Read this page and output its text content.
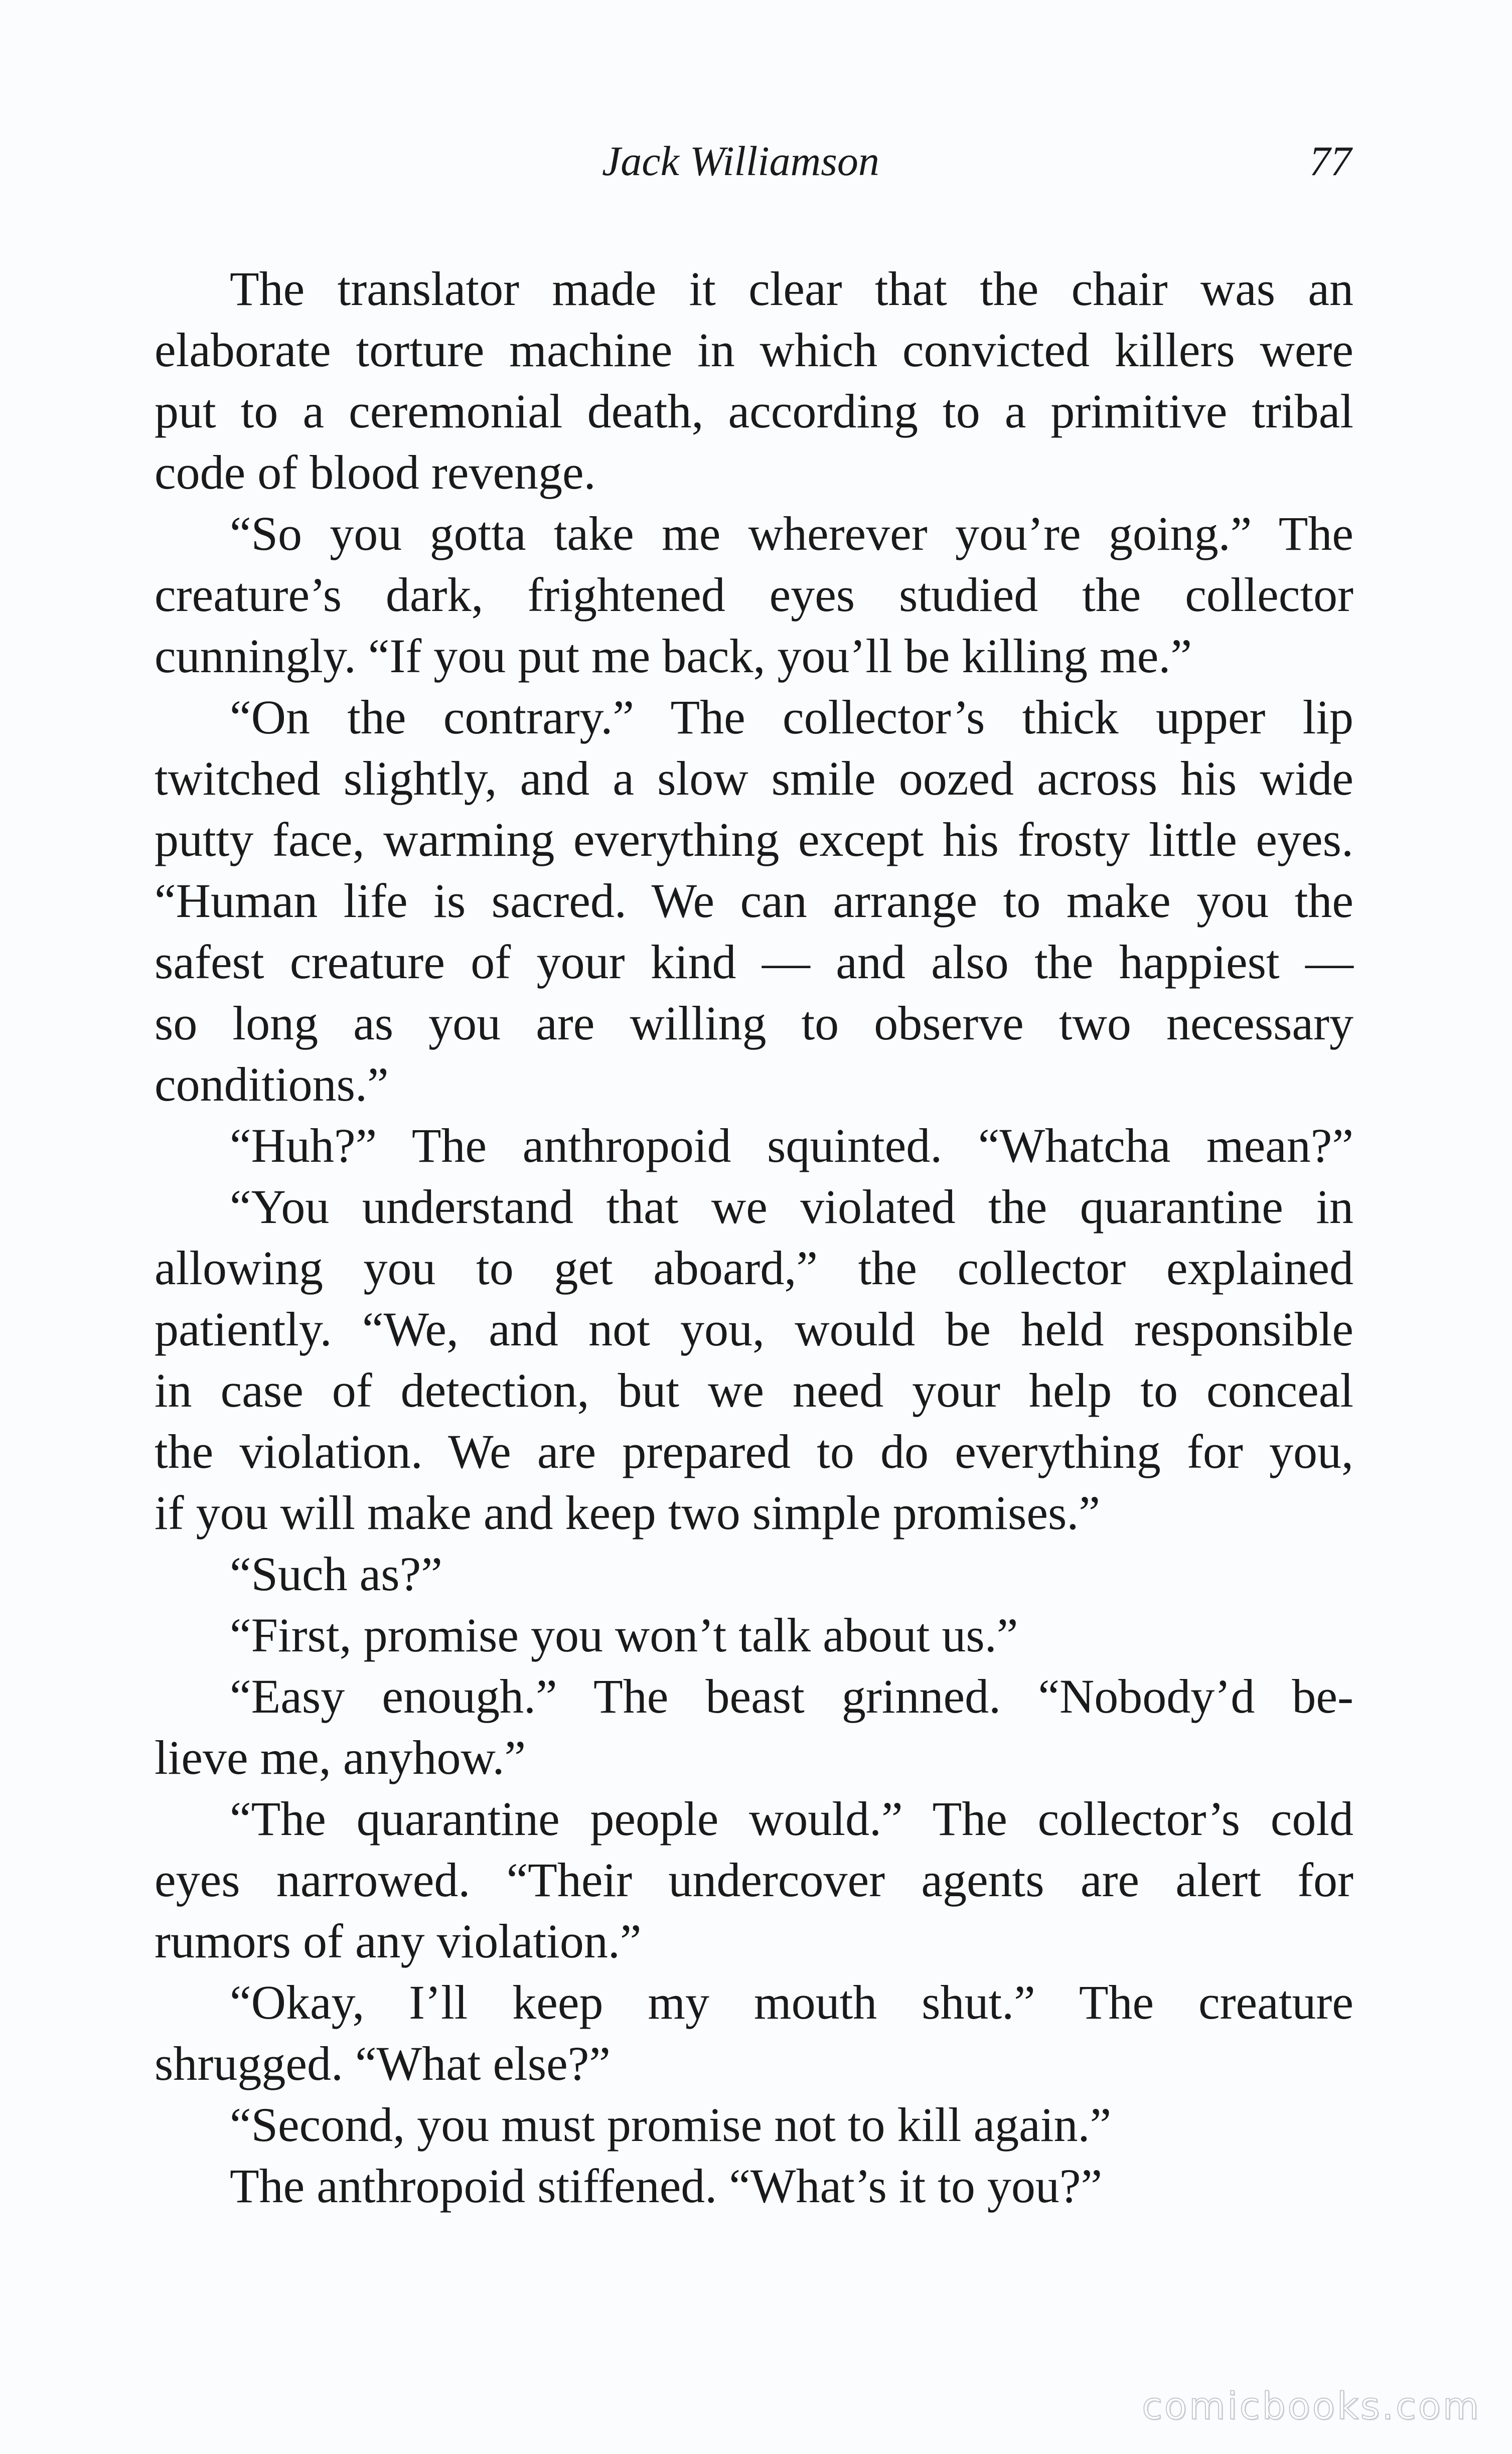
Jack Williamson	77
The translator made it clear that the chair was an
elaborate torture machine in which convicted killers were
put to a ceremonial death, according to a primitive tribal
code of blood revenge.
“So you gotta take me wherever you’re going.” The
creature’s dark, frightened eyes studied the collector
cunningly. “If you put me back, you’ll be killing me.”
“On the contrary.” The collector’s thick upper lip
twitched slightly, and a slow smile oozed across his wide
putty face, warming everything except his frosty little eyes.
“Human life is sacred. We can arrange to make you the
safest creature of your kind — and also the happiest —
so long as you are willing to observe two necessary
conditions.”
“Huh?” The anthropoid squinted. “Whatcha mean?”
“You understand that we violated the quarantine in
allowing you to get aboard,” the collector explained
patiently. “We, and not you, would be held responsible
in case of detection, but we need your help to conceal
the violation. We are prepared to do everything for you,
if you will make and keep two simple promises.”
“Such as?”
“First, promise you won’t talk about us.”
“Easy enough.” The beast grinned. “Nobody’d be-
lieve me, anyhow.”
“The quarantine people would.” The collector’s cold
eyes narrowed. “Their undercover agents are alert for
rumors of any violation.”
“Okay, I’ll keep my mouth shut.” The creature
shrugged. “What else?”
“Second, you must promise not to kill again.”
The anthropoid stiffened. “What’s it to you?”
comicbooks.com
